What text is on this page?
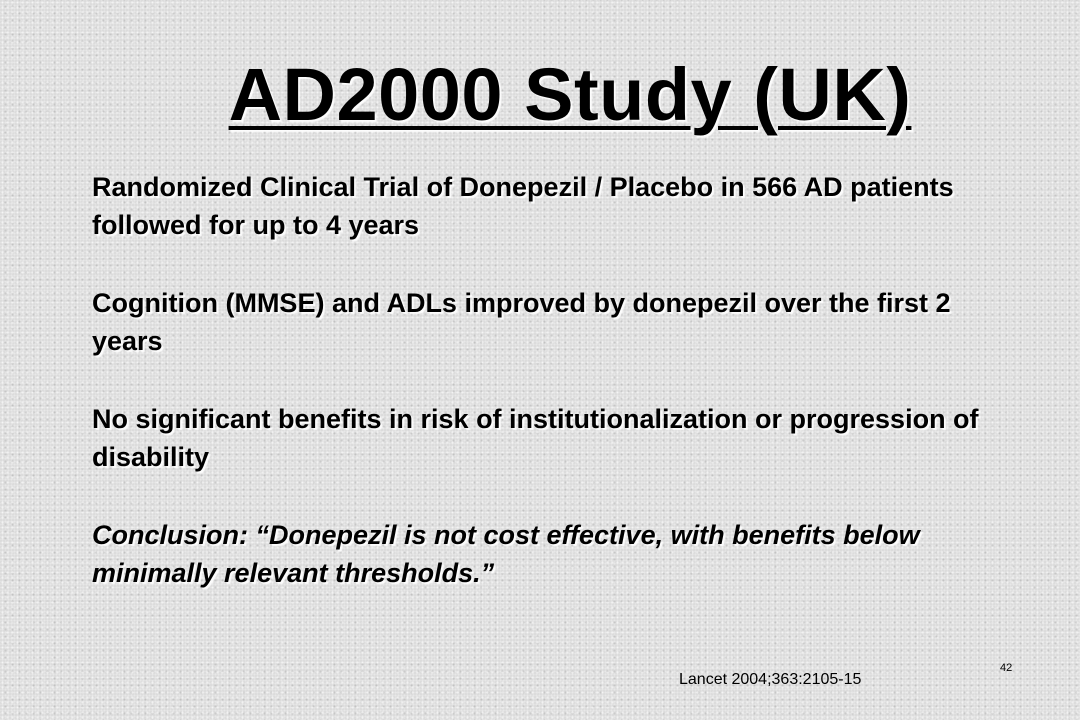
AD2000 Study (UK)

Randomized Clinical Trial of Donepezil / Placebo in 566 AD patients followed for up to 4 years

Cognition (MMSE) and ADLs improved by donepezil over the first 2 years

No significant benefits in risk of institutionalization or progression of disability

Conclusion: “Donepezil is not cost effective, with benefits below minimally relevant thresholds.”

Lancet 2004;363:2105-15
42
